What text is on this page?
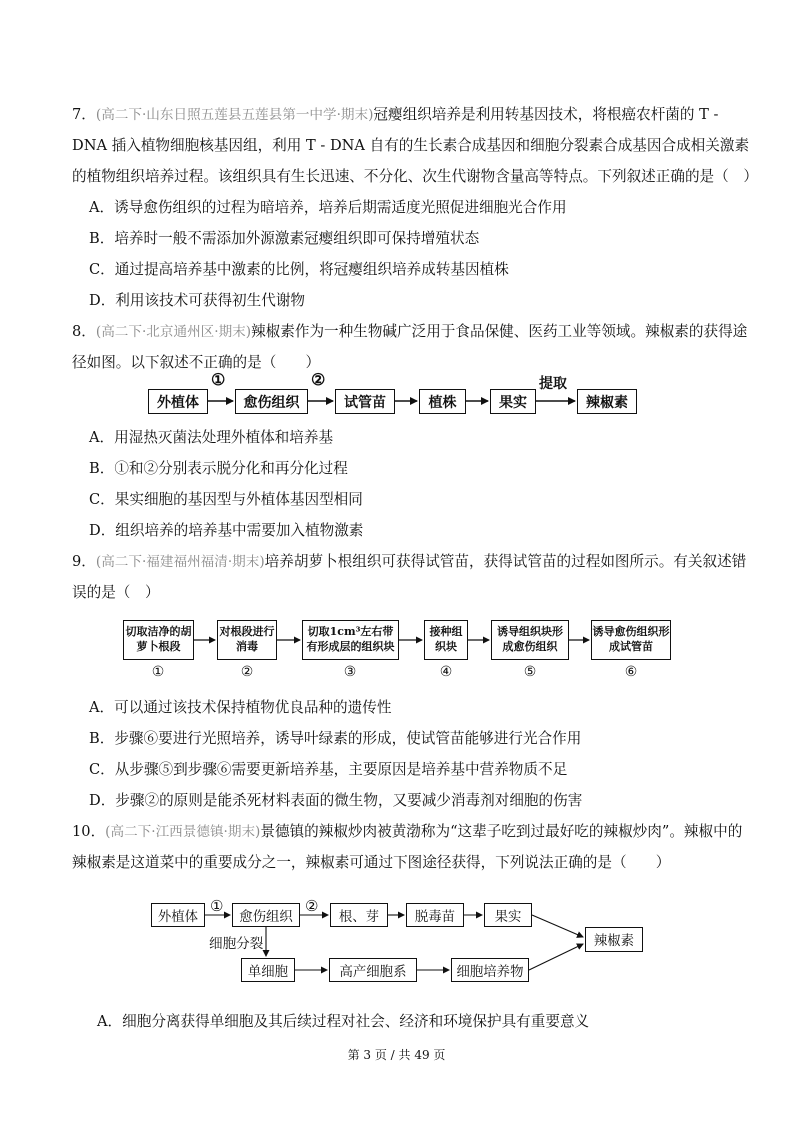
7．(高二下·山东日照五莲县五莲县第一中学·期末)冠瘿组织培养是利用转基因技术，将根癌农杆菌的 T -
DNA 插入植物细胞核基因组，利用 T - DNA 自有的生长素合成基因和细胞分裂素合成基因合成相关激素
的植物组织培养过程。该组织具有生长迅速、不分化、次生代谢物含量高等特点。下列叙述正确的是（　）
A．诱导愈伤组织的过程为暗培养，培养后期需适度光照促进细胞光合作用
B．培养时一般不需添加外源激素冠瘿组织即可保持增殖状态
C．通过提高培养基中激素的比例，将冠瘿组织培养成转基因植株
D．利用该技术可获得初生代谢物
8．(高二下·北京通州区·期末)辣椒素作为一种生物碱广泛用于食品保健、医药工业等领域。辣椒素的获得途
径如图。以下叙述不正确的是（　　）
外植体	愈伤组织	试管苗	植株	果实	辣椒素
①	②	提取
A．用湿热灭菌法处理外植体和培养基
B．①和②分别表示脱分化和再分化过程
C．果实细胞的基因型与外植体基因型相同
D．组织培养的培养基中需要加入植物激素
9．(高二下·福建福州福清·期末)培养胡萝卜根组织可获得试管苗，获得试管苗的过程如图所示。有关叙述错
误的是（　）
切取洁净的胡萝卜根段
对根段进行消毒
切取1cm³左右带有形成层的组织块
接种组织块
诱导组织块形成愈伤组织
诱导愈伤组织形成试管苗
①	②	③	④	⑤	⑥
A．可以通过该技术保持植物优良品种的遗传性
B．步骤⑥要进行光照培养，诱导叶绿素的形成，使试管苗能够进行光合作用
C．从步骤⑤到步骤⑥需要更新培养基，主要原因是培养基中营养物质不足
D．步骤②的原则是能杀死材料表面的微生物，又要减少消毒剂对细胞的伤害
10．(高二下·江西景德镇·期末)景德镇的辣椒炒肉被黄渤称为“这辈子吃到过最好吃的辣椒炒肉”。辣椒中的
辣椒素是这道菜中的重要成分之一，辣椒素可通过下图途径获得，下列说法正确的是（　　）
外植体	愈伤组织	根、芽	脱毒苗	果实
辣椒素
单细胞	高产细胞系	细胞培养物
①	②
细胞分裂
A．细胞分离获得单细胞及其后续过程对社会、经济和环境保护具有重要意义
第 3 页 / 共 49 页
